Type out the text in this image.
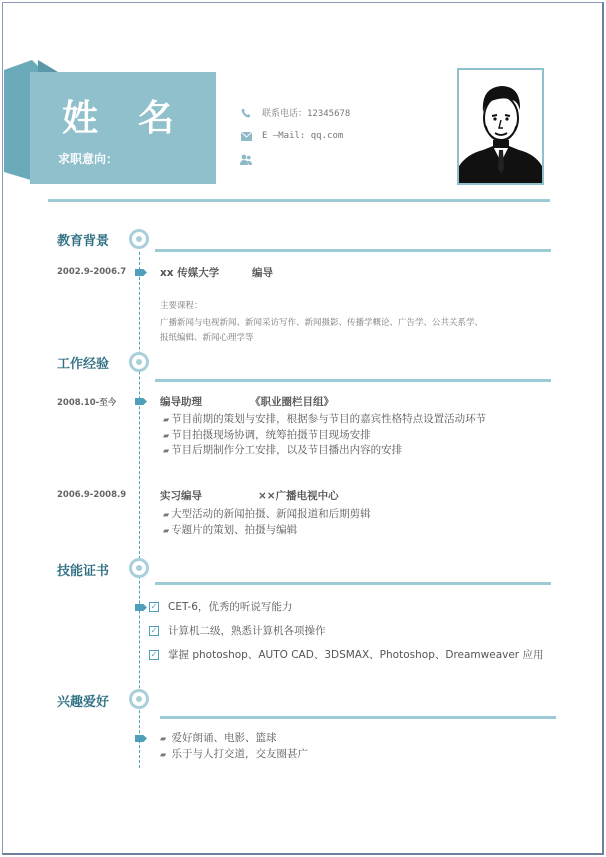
姓名
求职意向：
联系电话：12345678
E —Mail: qq.com
教育背景
2002.9-2006.7	xx 传媒大学	编导
主要课程：
广播新闻与电视新闻、新闻采访写作、新闻摄影、传播学概论、广告学、公共关系学、
报纸编辑、新闻心理学等
工作经验
2008.10-至今	编导助理	《职业圈栏目组》
▰ 节目前期的策划与安排，根据参与节目的嘉宾性格特点设置活动环节
▰ 节目拍摄现场协调，统筹拍摄节目现场安排
▰ 节目后期制作分工安排，以及节目播出内容的安排
2006.9-2008.9	实习编导	××广播电视中心
▰ 大型活动的新闻拍摄、新闻报道和后期剪辑
▰ 专题片的策划、拍摄与编辑
技能证书
✓ CET-6，优秀的听说写能力
✓ 计算机二级，熟悉计算机各项操作
✓ 掌握 photoshop、AUTO CAD、3DSMAX、Photoshop、Dreamweaver 应用
兴趣爱好
▰ 爱好朗诵、电影、篮球
▰ 乐于与人打交道，交友圈甚广
